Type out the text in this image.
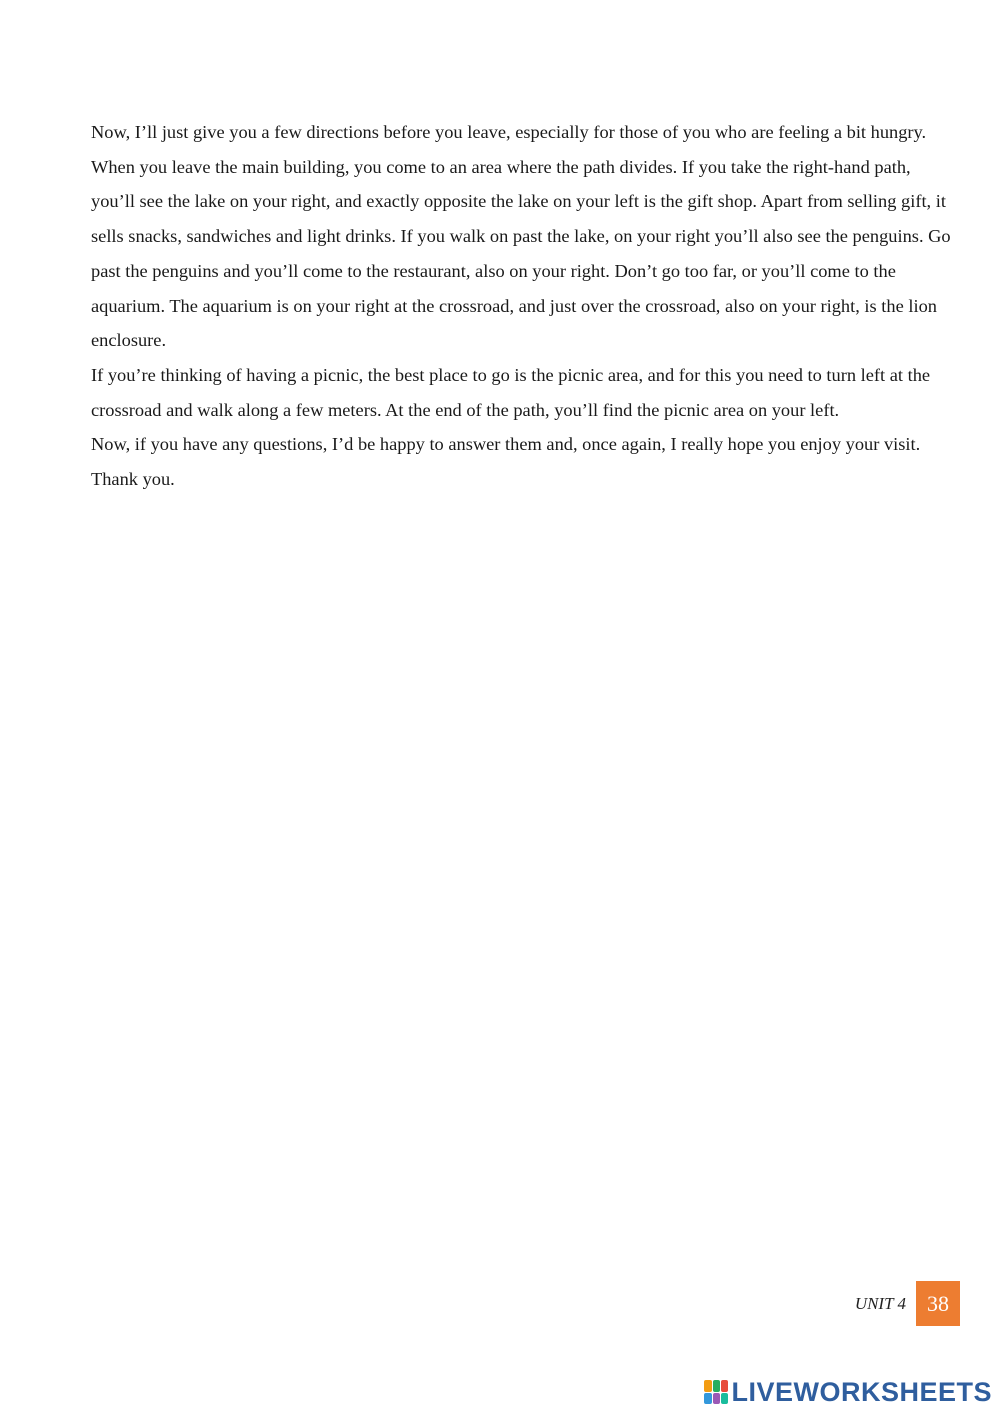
Now, I’ll just give you a few directions before you leave, especially for those of you who are feeling a bit hungry. When you leave the main building, you come to an area where the path divides. If you take the right-hand path, you’ll see the lake on your right, and exactly opposite the lake on your left is the gift shop. Apart from selling gift, it sells snacks, sandwiches and light drinks. If you walk on past the lake, on your right you’ll also see the penguins. Go past the penguins and you’ll come to the restaurant, also on your right. Don’t go too far, or you’ll come to the aquarium. The aquarium is on your right at the crossroad, and just over the crossroad, also on your right, is the lion enclosure.

If you’re thinking of having a picnic, the best place to go is the picnic area, and for this you need to turn left at the crossroad and walk along a few meters. At the end of the path, you’ll find the picnic area on your left.

Now, if you have any questions, I’d be happy to answer them and, once again, I really hope you enjoy your visit. Thank you.

UNIT 4 38
LIVEWORKSHEETS
